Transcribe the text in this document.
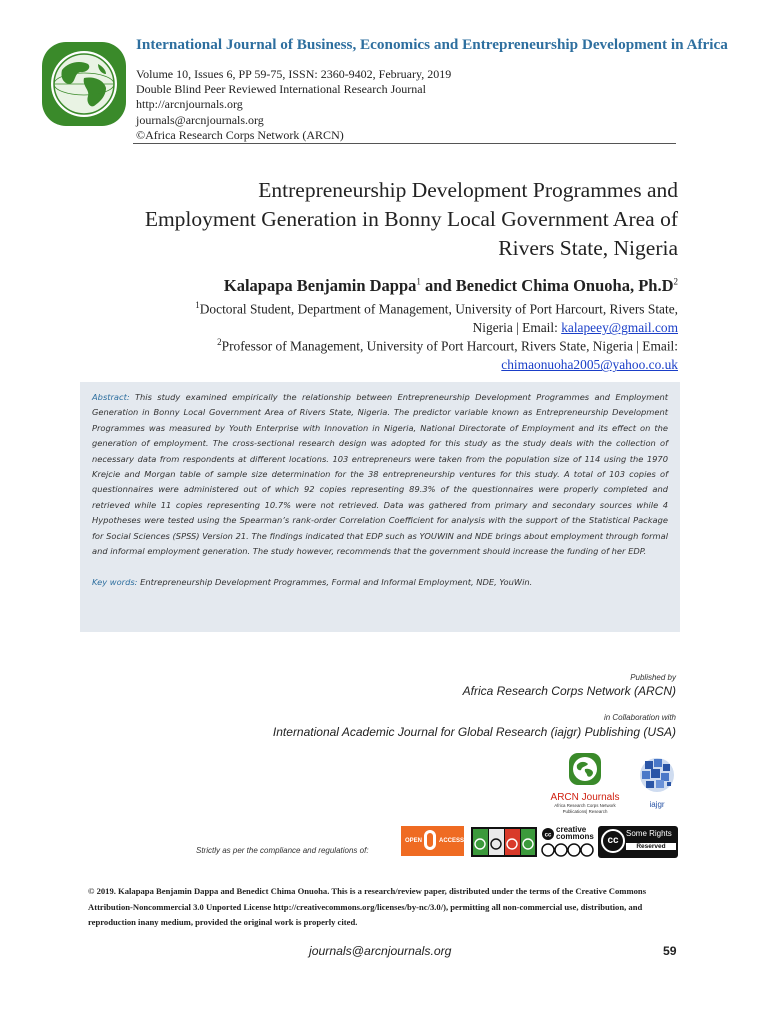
International Journal of Business, Economics and Entrepreneurship Development in Africa
Volume 10, Issues 6, PP 59-75, ISSN: 2360-9402, February, 2019
Double Blind Peer Reviewed International Research Journal
http://arcnjournals.org
journals@arcnjournals.org
©Africa Research Corps Network (ARCN)
Entrepreneurship Development Programmes and
Employment Generation in Bonny Local Government Area of
Rivers State, Nigeria
Kalapapa Benjamin Dappa$^1$ and Benedict Chima Onuoha, $Ph.D^2$
$^1$Doctoral Student, Department of Management, University of Port Harcourt, Rivers State,
Nigeria | Email: kalapeey@gmail.com
$^2$Professor of Management, University of Port Harcourt, Rivers State, Nigeria | Email:
chimaonuoha2005@yahoo.co.uk

Abstract: This study examined empirically the relationship between Entrepreneurship Development Programmes and Employment Generation in Bonny Local Government Area of Rivers State, Nigeria. The predictor variable known as Entrepreneurship Development Programmes was measured by Youth Enterprise with Innovation in Nigeria, National Directorate of Employment and its effect on the generation of employment. The cross-sectional research design was adopted for this study as the study deals with the collection of necessary data from respondents at different locations. 103 entrepreneurs were taken from the population size of 114 using the 1970 Krejcie and Morgan table of sample size determination for the 38 entrepreneurship ventures for this study. A total of 103 copies of questionnaires were administered out of which 92 copies representing 89.3% of the questionnaires were properly completed and retrieved while 11 copies representing 10.7% were not retrieved. Data was gathered from primary and secondary sources while 4 Hypotheses were tested using the Spearman’s rank-order Correlation Coefficient for analysis with the support of the Statistical Package for Social Sciences (SPSS) Version 21. The findings indicated that EDP such as YOUWIN and NDE brings about employment through formal and informal employment generation. The study however, recommends that the government should increase the funding of her EDP.

Key words: Entrepreneurship Development Programmes, Formal and Informal Employment, NDE, YouWin.

Published by
Africa Research Corps Network (ARCN)
in Collaboration with
International Academic Journal for Global Research (iajgr) Publishing (USA)
ARCN Journals
Africa Research Corps Network
Publications| Research
iajgr
Strictly as per the compliance and regulations of:
OPEN	ACCESS
cc
creative
commons	cc
Some Rights
Reserved
© 2019. Kalapapa Benjamin Dappa and Benedict Chima Onuoha. This is a research/review paper, distributed under the terms of the Creative Commons Attribution-Noncommercial 3.0 Unported License http://creativecommons.org/licenses/by-nc/3.0/), permitting all non-commercial use, distribution, and reproduction inany medium, provided the original work is properly cited.
journals@arcnjournals.org	59
